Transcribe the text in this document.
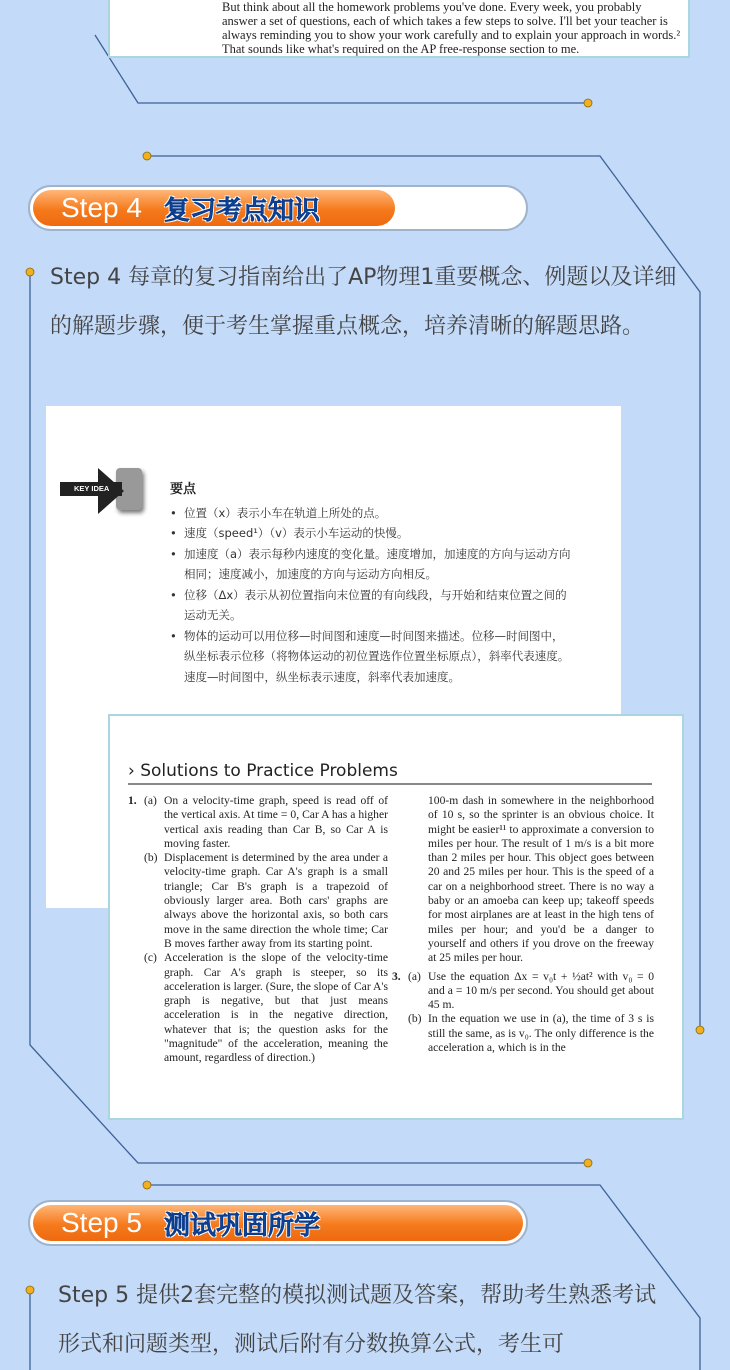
But think about all the homework problems you've done. Every week, you probably

answer a set of questions, each of which takes a few steps to solve. I'll bet your teacher is

always reminding you to show your work carefully and to explain your approach in words.²

That sounds like what's required on the AP free-response section to me.

Step 4 复习考点知识

Step 4 每章的复习指南给出了AP物理1重要概念、例题以及详细的解题步骤，便于考生掌握重点概念，培养清晰的解题思路。

KEY IDEA	要点
• 位置（x）表示小车在轨道上所处的点。
• 速度（speed¹）（v）表示小车运动的快慢。
• 加速度（a）表示每秒内速度的变化量。速度增加，加速度的方向与运动方向
相同；速度减小，加速度的方向与运动方向相反。
• 位移（Δx）表示从初位置指向末位置的有向线段，与开始和结束位置之间的
运动无关。
• 物体的运动可以用位移—时间图和速度—时间图来描述。位移—时间图中，
纵坐标表示位移（将物体运动的初位置选作位置坐标原点），斜率代表速度。
速度—时间图中，纵坐标表示速度，斜率代表加速度。
› Solutions to Practice Problems
1. (a) On a velocity-time graph, speed is read off of the vertical axis. At time = 0, Car A has a higher vertical axis reading than Car B, so Car A is moving faster.
(b) Displacement is determined by the area under a velocity-time graph. Car A's graph is a small triangle; Car B's graph is a trapezoid of obviously larger area. Both cars' graphs are always above the horizontal axis, so both cars move in the same direction the whole time; Car B moves farther away from its starting point.
(c) Acceleration is the slope of the velocity-time graph. Car A's graph is steeper, so its acceleration is larger. (Sure, the slope of Car A's graph is negative, but that just means acceleration is in the negative direction, whatever that is; the question asks for the "magnitude" of the acceleration, meaning the amount, regardless of direction.)
100-m dash in somewhere in the neighborhood of 10 s, so the sprinter is an obvious choice. It might be easier¹¹ to approximate a conversion to miles per hour. The result of 1 m/s is a bit more than 2 miles per hour. This object goes between 20 and 25 miles per hour. This is the speed of a car on a neighborhood street. There is no way a baby or an amoeba can keep up; takeoff speeds for most airplanes are at least in the high tens of miles per hour; and you'd be a danger to yourself and others if you drove on the freeway at 25 miles per hour.
3. (a) Use the equation Δx = v₀t + ½at² with v₀ = 0 and a = 10 m/s per second. You should get about 45 m.
(b) In the equation we use in (a), the time of 3 s is still the same, as is v₀. The only difference is the acceleration a, which is in the
Step 5 测试巩固所学

Step 5 提供2套完整的模拟测试题及答案，帮助考生熟悉考试形式和问题类型，测试后附有分数换算公式，考生可
